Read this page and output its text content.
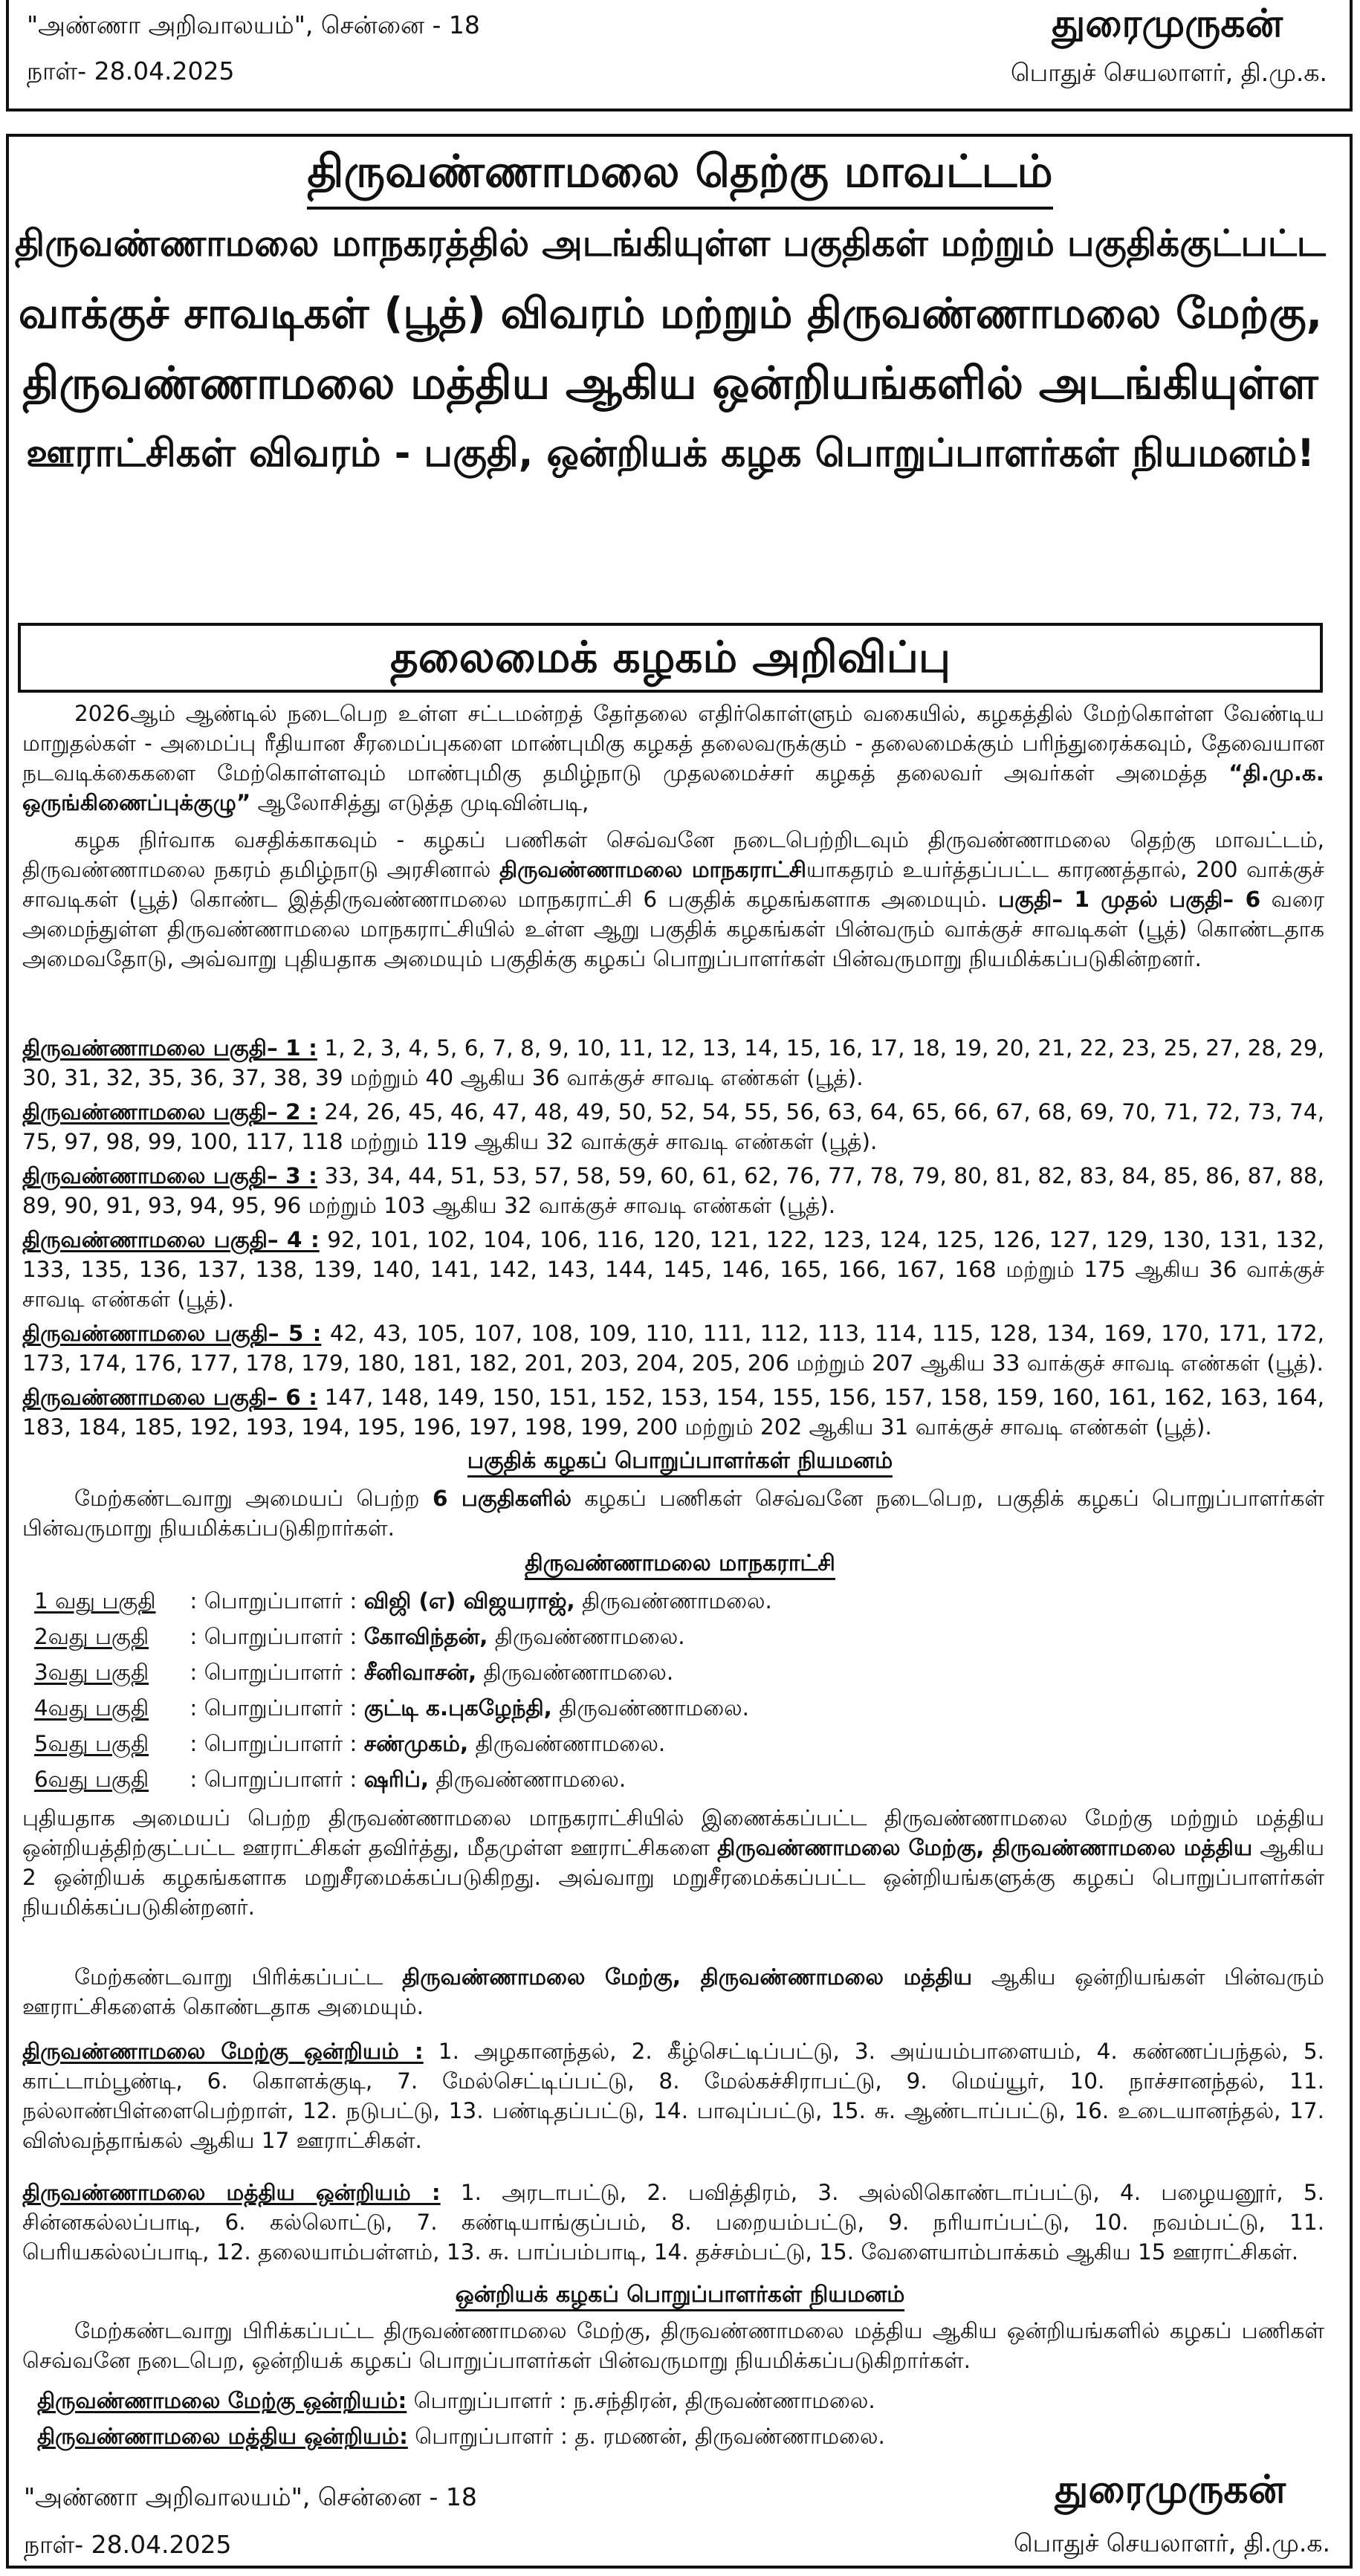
"அண்ணா அறிவாலயம்", சென்னை - 18
நாள்- 28.04.2025
துரைமுருகன்
பொதுச் செயலாளர், தி.மு.க.
திருவண்ணாமலை தெற்கு மாவட்டம்
திருவண்ணாமலை மாநகரத்தில் அடங்கியுள்ள பகுதிகள் மற்றும் பகுதிக்குட்பட்ட
வாக்குச் சாவடிகள் (பூத்) விவரம் மற்றும் திருவண்ணாமலை மேற்கு,
திருவண்ணாமலை மத்திய ஆகிய ஒன்றியங்களில் அடங்கியுள்ள
ஊராட்சிகள் விவரம் - பகுதி, ஒன்றியக் கழக பொறுப்பாளர்கள் நியமனம்!
தலைமைக் கழகம் அறிவிப்பு
2026ஆம் ஆண்டில் நடைபெற உள்ள சட்டமன்றத் தேர்தலை எதிர்கொள்ளும் வகையில், கழகத்தில் மேற்கொள்ள வேண்டிய மாறுதல்கள் - அமைப்பு ரீதியான சீரமைப்புகளை மாண்புமிகு கழகத் தலைவருக்கும் - தலைமைக்கும் பரிந்துரைக்கவும், தேவையான நடவடிக்கைகளை மேற்கொள்ளவும் மாண்புமிகு தமிழ்நாடு முதலமைச்சர் கழகத் தலைவர் அவர்கள் அமைத்த “தி.மு.க. ஒருங்கிணைப்புக்குழு” ஆலோசித்து எடுத்த முடிவின்படி,
கழக நிர்வாக வசதிக்காகவும் - கழகப் பணிகள் செவ்வனே நடைபெற்றிடவும் திருவண்ணாமலை தெற்கு மாவட்டம், திருவண்ணாமலை நகரம் தமிழ்நாடு அரசினால் திருவண்ணாமலை மாநகராட்சியாகதரம் உயர்த்தப்பட்ட காரணத்தால், 200 வாக்குச் சாவடிகள் (பூத்) கொண்ட இத்திருவண்ணாமலை மாநகராட்சி 6 பகுதிக் கழகங்களாக அமையும். பகுதி– 1 முதல் பகுதி– 6 வரை அமைந்துள்ள திருவண்ணாமலை மாநகராட்சியில் உள்ள ஆறு பகுதிக் கழகங்கள் பின்வரும் வாக்குச் சாவடிகள் (பூத்) கொண்டதாக அமைவதோடு, அவ்வாறு புதியதாக அமையும் பகுதிக்கு கழகப் பொறுப்பாளர்கள் பின்வருமாறு நியமிக்கப்படுகின்றனர்.
திருவண்ணாமலை பகுதி– 1 : 1, 2, 3, 4, 5, 6, 7, 8, 9, 10, 11, 12, 13, 14, 15, 16, 17, 18, 19, 20, 21, 22, 23, 25, 27, 28, 29, 30, 31, 32, 35, 36, 37, 38, 39 மற்றும் 40 ஆகிய 36 வாக்குச் சாவடி எண்கள் (பூத்).
திருவண்ணாமலை பகுதி– 2 : 24, 26, 45, 46, 47, 48, 49, 50, 52, 54, 55, 56, 63, 64, 65, 66, 67, 68, 69, 70, 71, 72, 73, 74, 75, 97, 98, 99, 100, 117, 118 மற்றும் 119 ஆகிய 32 வாக்குச் சாவடி எண்கள் (பூத்).
திருவண்ணாமலை பகுதி– 3 : 33, 34, 44, 51, 53, 57, 58, 59, 60, 61, 62, 76, 77, 78, 79, 80, 81, 82, 83, 84, 85, 86, 87, 88, 89, 90, 91, 93, 94, 95, 96 மற்றும் 103 ஆகிய 32 வாக்குச் சாவடி எண்கள் (பூத்).
திருவண்ணாமலை பகுதி– 4 : 92, 101, 102, 104, 106, 116, 120, 121, 122, 123, 124, 125, 126, 127, 129, 130, 131, 132, 133, 135, 136, 137, 138, 139, 140, 141, 142, 143, 144, 145, 146, 165, 166, 167, 168 மற்றும் 175 ஆகிய 36 வாக்குச் சாவடி எண்கள் (பூத்).
திருவண்ணாமலை பகுதி– 5 : 42, 43, 105, 107, 108, 109, 110, 111, 112, 113, 114, 115, 128, 134, 169, 170, 171, 172, 173, 174, 176, 177, 178, 179, 180, 181, 182, 201, 203, 204, 205, 206 மற்றும் 207 ஆகிய 33 வாக்குச் சாவடி எண்கள் (பூத்).
திருவண்ணாமலை பகுதி– 6 : 147, 148, 149, 150, 151, 152, 153, 154, 155, 156, 157, 158, 159, 160, 161, 162, 163, 164, 183, 184, 185, 192, 193, 194, 195, 196, 197, 198, 199, 200 மற்றும் 202 ஆகிய 31 வாக்குச் சாவடி எண்கள் (பூத்).
பகுதிக் கழகப் பொறுப்பாளர்கள் நியமனம்
மேற்கண்டவாறு அமையப் பெற்ற 6 பகுதிகளில் கழகப் பணிகள் செவ்வனே நடைபெற, பகுதிக் கழகப் பொறுப்பாளர்கள் பின்வருமாறு நியமிக்கப்படுகிறார்கள்.
திருவண்ணாமலை மாநகராட்சி
1 வது பகுதி : பொறுப்பாளர் : விஜி (எ) விஜயராஜ், திருவண்ணாமலை.
2வது பகுதி : பொறுப்பாளர் : கோவிந்தன், திருவண்ணாமலை.
3வது பகுதி : பொறுப்பாளர் : சீனிவாசன், திருவண்ணாமலை.
4வது பகுதி : பொறுப்பாளர் : குட்டி க.புகழேந்தி, திருவண்ணாமலை.
5வது பகுதி : பொறுப்பாளர் : சண்முகம், திருவண்ணாமலை.
6வது பகுதி : பொறுப்பாளர் : ஷரிப், திருவண்ணாமலை.
புதியதாக அமையப் பெற்ற திருவண்ணாமலை மாநகராட்சியில் இணைக்கப்பட்ட திருவண்ணாமலை மேற்கு மற்றும் மத்திய ஒன்றியத்திற்குட்பட்ட ஊராட்சிகள் தவிர்த்து, மீதமுள்ள ஊராட்சிகளை திருவண்ணாமலை மேற்கு, திருவண்ணாமலை மத்திய ஆகிய 2 ஒன்றியக் கழகங்களாக மறுசீரமைக்கப்படுகிறது. அவ்வாறு மறுசீரமைக்கப்பட்ட ஒன்றியங்களுக்கு கழகப் பொறுப்பாளர்கள் நியமிக்கப்படுகின்றனர்.
மேற்கண்டவாறு பிரிக்கப்பட்ட திருவண்ணாமலை மேற்கு, திருவண்ணாமலை மத்திய ஆகிய ஒன்றியங்கள் பின்வரும் ஊராட்சிகளைக் கொண்டதாக அமையும்.
திருவண்ணாமலை மேற்கு ஒன்றியம் : 1. அழகானந்தல், 2. கீழ்செட்டிப்பட்டு, 3. அய்யம்பாளையம், 4. கண்ணப்பந்தல், 5. காட்டாம்பூண்டி, 6. கொளக்குடி, 7. மேல்செட்டிப்பட்டு, 8. மேல்கச்சிராபட்டு, 9. மெய்யூர், 10. நாச்சானந்தல், 11. நல்லாண்பிள்ளைபெற்றாள், 12. நடுபட்டு, 13. பண்டிதப்பட்டு, 14. பாவுப்பட்டு, 15. சு. ஆண்டாப்பட்டு, 16. உடையானந்தல், 17. விஸ்வந்தாங்கல் ஆகிய 17 ஊராட்சிகள்.
திருவண்ணாமலை மத்திய ஒன்றியம் : 1. அரடாபட்டு, 2. பவித்திரம், 3. அல்லிகொண்டாப்பட்டு, 4. பழையனூர், 5. சின்னகல்லப்பாடி, 6. கல்லொட்டு, 7. கண்டியாங்குப்பம், 8. பறையம்பட்டு, 9. நரியாப்பட்டு, 10. நவம்பட்டு, 11. பெரியகல்லப்பாடி, 12. தலையாம்பள்ளம், 13. சு. பாப்பம்பாடி, 14. தச்சம்பட்டு, 15. வேளையாம்பாக்கம் ஆகிய 15 ஊராட்சிகள்.
ஒன்றியக் கழகப் பொறுப்பாளர்கள் நியமனம்
மேற்கண்டவாறு பிரிக்கப்பட்ட திருவண்ணாமலை மேற்கு, திருவண்ணாமலை மத்திய ஆகிய ஒன்றியங்களில் கழகப் பணிகள் செவ்வனே நடைபெற, ஒன்றியக் கழகப் பொறுப்பாளர்கள் பின்வருமாறு நியமிக்கப்படுகிறார்கள்.
திருவண்ணாமலை மேற்கு ஒன்றியம்: பொறுப்பாளர் : ந.சந்திரன், திருவண்ணாமலை.
திருவண்ணாமலை மத்திய ஒன்றியம்: பொறுப்பாளர் : த. ரமணன், திருவண்ணாமலை.
"அண்ணா அறிவாலயம்", சென்னை - 18
நாள்- 28.04.2025
துரைமுருகன்
பொதுச் செயலாளர், தி.மு.க.
